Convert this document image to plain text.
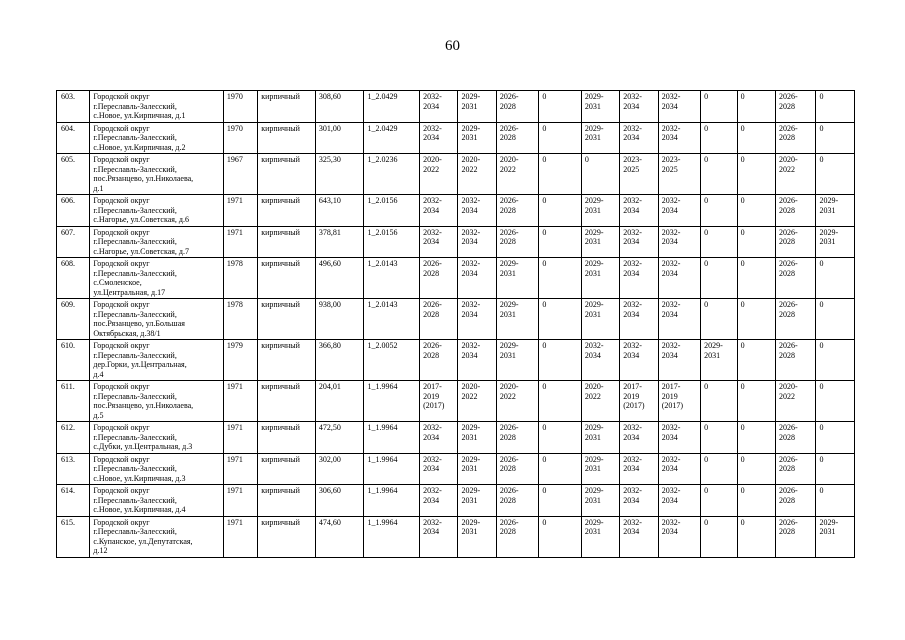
60
603.	Городской округ
г.Переславль-Залесский,
с.Новое, ул.Кирпичная, д.1	1970	кирпичный	308,60	1_2.0429	2032-
2034	2029-
2031	2026-
2028	0	2029-
2031	2032-
2034	2032-
2034	0	0	2026-
2028	0
604.	Городской округ
г.Переславль-Залесский,
с.Новое, ул.Кирпичная, д.2	1970	кирпичный	301,00	1_2.0429	2032-
2034	2029-
2031	2026-
2028	0	2029-
2031	2032-
2034	2032-
2034	0	0	2026-
2028	0
605.	Городской округ
г.Переславль-Залесский,
пос.Рязанцево, ул.Николаева,
д.1	1967	кирпичный	325,30	1_2.0236	2020-
2022	2020-
2022	2020-
2022	0	0	2023-
2025	2023-
2025	0	0	2020-
2022	0
606.	Городской округ
г.Переславль-Залесский,
с.Нагорье, ул.Советская, д.6	1971	кирпичный	643,10	1_2.0156	2032-
2034	2032-
2034	2026-
2028	0	2029-
2031	2032-
2034	2032-
2034	0	0	2026-
2028	2029-
2031
607.	Городской округ
г.Переславль-Залесский,
с.Нагорье, ул.Советская, д.7	1971	кирпичный	378,81	1_2.0156	2032-
2034	2032-
2034	2026-
2028	0	2029-
2031	2032-
2034	2032-
2034	0	0	2026-
2028	2029-
2031
608.	Городской округ
г.Переславль-Залесский,
с.Смоленское,
ул.Центральная, д.17	1978	кирпичный	496,60	1_2.0143	2026-
2028	2032-
2034	2029-
2031	0	2029-
2031	2032-
2034	2032-
2034	0	0	2026-
2028	0
609.	Городской округ
г.Переславль-Залесский,
пос.Рязанцево, ул.Большая
Октябрьская, д.38/1	1978	кирпичный	938,00	1_2.0143	2026-
2028	2032-
2034	2029-
2031	0	2029-
2031	2032-
2034	2032-
2034	0	0	2026-
2028	0
610.	Городской округ
г.Переславль-Залесский,
дер.Горки, ул.Центральная,
д.4	1979	кирпичный	366,80	1_2.0052	2026-
2028	2032-
2034	2029-
2031	0	2032-
2034	2032-
2034	2032-
2034	2029-
2031	0	2026-
2028	0
611.	Городской округ
г.Переславль-Залесский,
пос.Рязанцево, ул.Николаева,
д.5	1971	кирпичный	204,01	1_1.9964	2017-
2019
(2017)	2020-
2022	2020-
2022	0	2020-
2022	2017-
2019
(2017)	2017-
2019
(2017)	0	0	2020-
2022	0
612.	Городской округ
г.Переславль-Залесский,
с.Дубки, ул.Центральная, д.3	1971	кирпичный	472,50	1_1.9964	2032-
2034	2029-
2031	2026-
2028	0	2029-
2031	2032-
2034	2032-
2034	0	0	2026-
2028	0
613.	Городской округ
г.Переславль-Залесский,
с.Новое, ул.Кирпичная, д.3	1971	кирпичный	302,00	1_1.9964	2032-
2034	2029-
2031	2026-
2028	0	2029-
2031	2032-
2034	2032-
2034	0	0	2026-
2028	0
614.	Городской округ
г.Переславль-Залесский,
с.Новое, ул.Кирпичная, д.4	1971	кирпичный	306,60	1_1.9964	2032-
2034	2029-
2031	2026-
2028	0	2029-
2031	2032-
2034	2032-
2034	0	0	2026-
2028	0
615.	Городской округ
г.Переславль-Залесский,
с.Купанское, ул.Депутатская,
д.12	1971	кирпичный	474,60	1_1.9964	2032-
2034	2029-
2031	2026-
2028	0	2029-
2031	2032-
2034	2032-
2034	0	0	2026-
2028	2029-
2031
